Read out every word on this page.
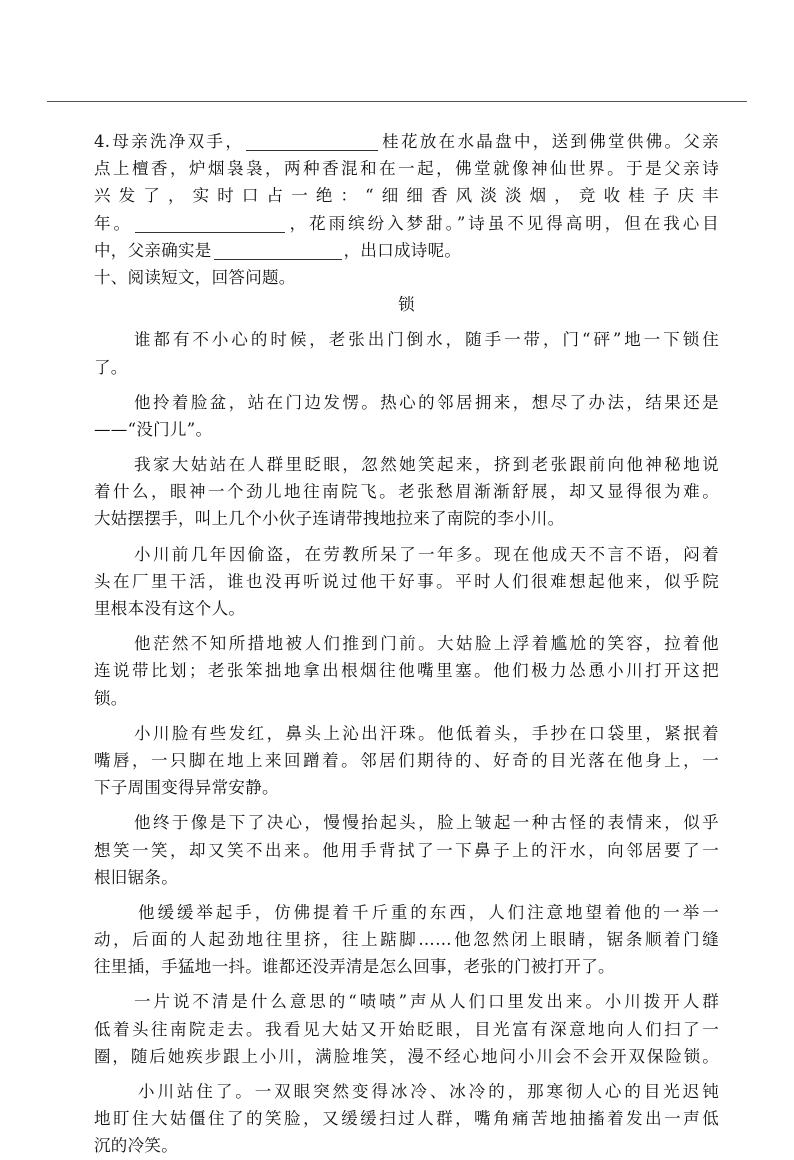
4.母亲洗净双手，	桂花放在水晶盘中，送到佛堂供佛。父亲
点上檀香，炉烟袅袅，两种香混和在一起，佛堂就像神仙世界。于是父亲诗
兴发了，实时口占一绝：“细细香风淡淡烟，竞收桂子庆丰
年。	，花雨缤纷入梦甜。”诗虽不见得高明，但在我心目
中，父亲确实是	，出口成诗呢。
十、阅读短文，回答问题。
锁
谁都有不小心的时候，老张出门倒水，随手一带，门“砰”地一下锁住
了。
他拎着脸盆，站在门边发愣。热心的邻居拥来，想尽了办法，结果还是
——“没门儿”。
我家大姑站在人群里眨眼，忽然她笑起来，挤到老张跟前向他神秘地说
着什么，眼神一个劲儿地往南院飞。老张愁眉渐渐舒展，却又显得很为难。
大姑摆摆手，叫上几个小伙子连请带拽地拉来了南院的李小川。
小川前几年因偷盗，在劳教所呆了一年多。现在他成天不言不语，闷着
头在厂里干活，谁也没再听说过他干好事。平时人们很难想起他来，似乎院
里根本没有这个人。
他茫然不知所措地被人们推到门前。大姑脸上浮着尴尬的笑容，拉着他
连说带比划；老张笨拙地拿出根烟往他嘴里塞。他们极力怂恿小川打开这把
锁。
小川脸有些发红，鼻头上沁出汗珠。他低着头，手抄在口袋里，紧抿着
嘴唇，一只脚在地上来回蹭着。邻居们期待的、好奇的目光落在他身上，一
下子周围变得异常安静。
他终于像是下了决心，慢慢抬起头，脸上皱起一种古怪的表情来，似乎
想笑一笑，却又笑不出来。他用手背拭了一下鼻子上的汗水，向邻居要了一
根旧锯条。
他缓缓举起手，仿佛提着千斤重的东西，人们注意地望着他的一举一
动，后面的人起劲地往里挤，往上踮脚……他忽然闭上眼睛，锯条顺着门缝
往里插，手猛地一抖。谁都还没弄清是怎么回事，老张的门被打开了。
一片说不清是什么意思的“啧啧”声从人们口里发出来。小川拨开人群
低着头往南院走去。我看见大姑又开始眨眼，目光富有深意地向人们扫了一
圈，随后她疾步跟上小川，满脸堆笑，漫不经心地问小川会不会开双保险锁。
小川站住了。一双眼突然变得冰冷、冰冷的，那寒彻人心的目光迟钝
地盯住大姑僵住了的笑脸，又缓缓扫过人群，嘴角痛苦地抽搐着发出一声低
沉的冷笑。
